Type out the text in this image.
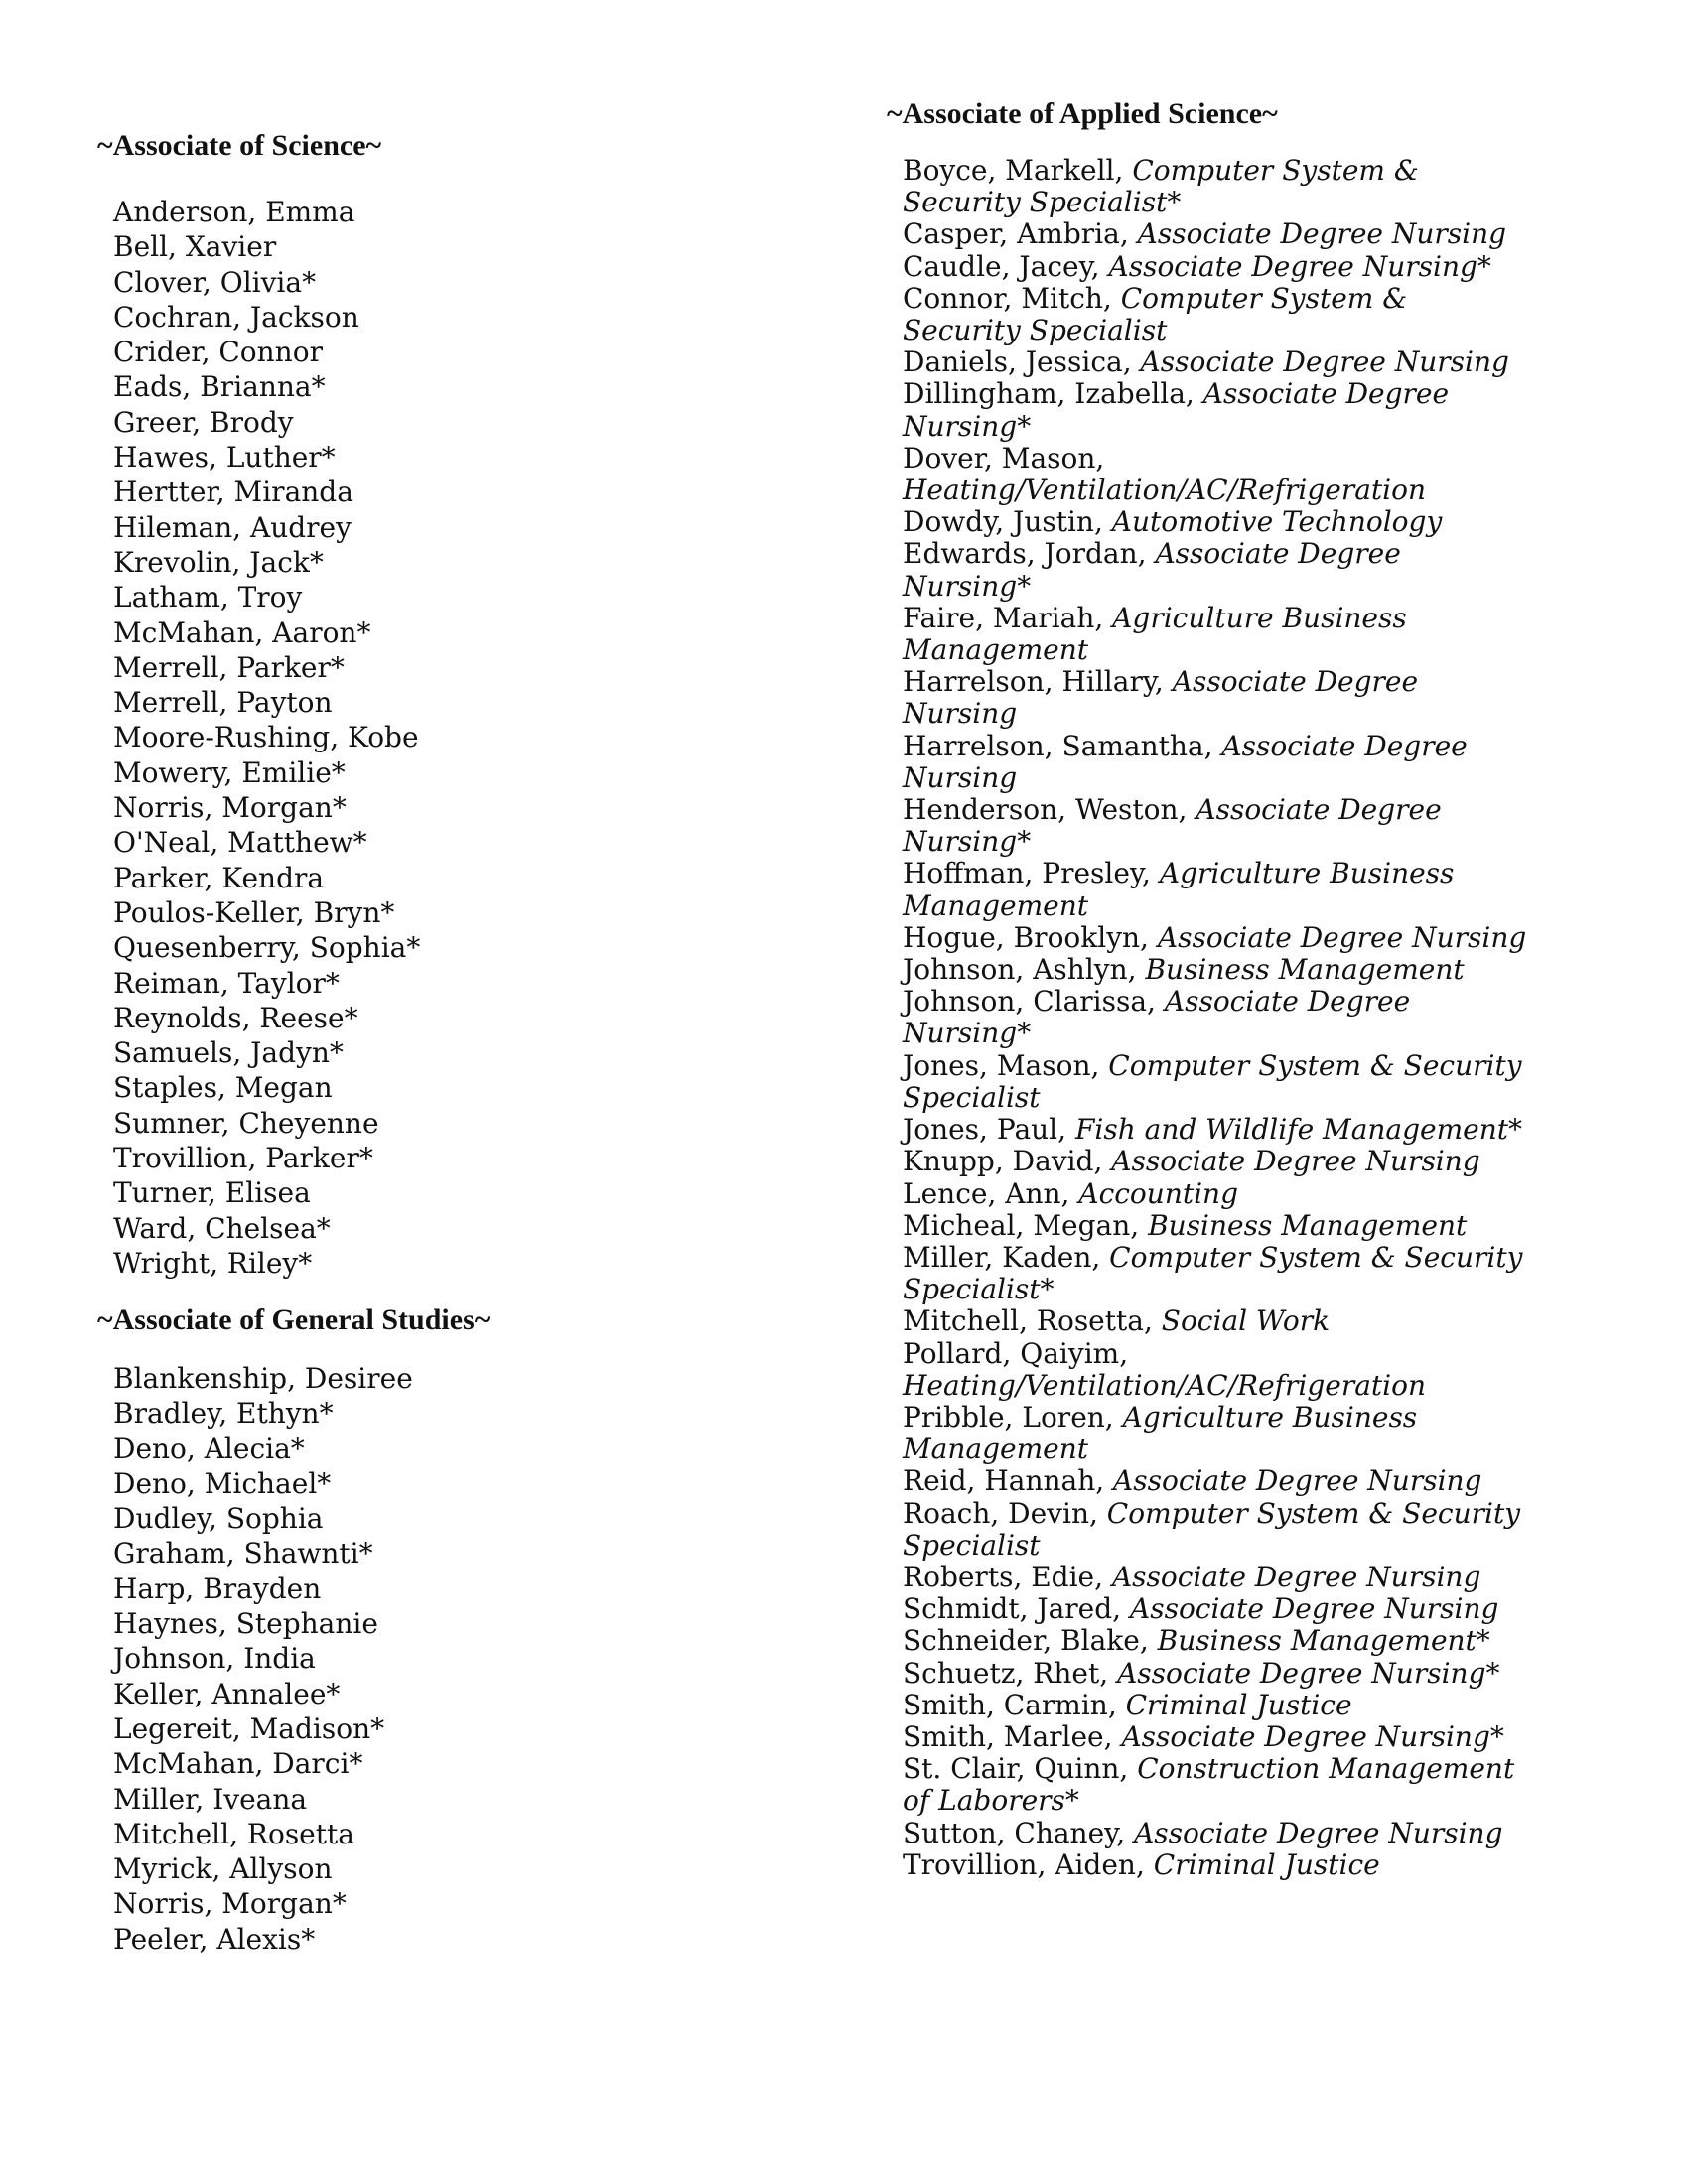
~Associate of Science~
Anderson, Emma
Bell, Xavier
Clover, Olivia*
Cochran, Jackson
Crider, Connor
Eads, Brianna*
Greer, Brody
Hawes, Luther*
Hertter, Miranda
Hileman, Audrey
Krevolin, Jack*
Latham, Troy
McMahan, Aaron*
Merrell, Parker*
Merrell, Payton
Moore-Rushing, Kobe
Mowery, Emilie*
Norris, Morgan*
O'Neal, Matthew*
Parker, Kendra
Poulos-Keller, Bryn*
Quesenberry, Sophia*
Reiman, Taylor*
Reynolds, Reese*
Samuels, Jadyn*
Staples, Megan
Sumner, Cheyenne
Trovillion, Parker*
Turner, Elisea
Ward, Chelsea*
Wright, Riley*
~Associate of General Studies~
Blankenship, Desiree
Bradley, Ethyn*
Deno, Alecia*
Deno, Michael*
Dudley, Sophia
Graham, Shawnti*
Harp, Brayden
Haynes, Stephanie
Johnson, India
Keller, Annalee*
Legereit, Madison*
McMahan, Darci*
Miller, Iveana
Mitchell, Rosetta
Myrick, Allyson
Norris, Morgan*
Peeler, Alexis*
~Associate of Applied Science~
Boyce, Markell, Computer System & Security Specialist*
Casper, Ambria, Associate Degree Nursing
Caudle, Jacey, Associate Degree Nursing*
Connor, Mitch, Computer System & Security Specialist
Daniels, Jessica, Associate Degree Nursing
Dillingham, Izabella, Associate Degree Nursing*
Dover, Mason, Heating/Ventilation/AC/Refrigeration
Dowdy, Justin, Automotive Technology
Edwards, Jordan, Associate Degree Nursing*
Faire, Mariah, Agriculture Business Management
Harrelson, Hillary, Associate Degree Nursing
Harrelson, Samantha, Associate Degree Nursing
Henderson, Weston, Associate Degree Nursing*
Hoffman, Presley, Agriculture Business Management
Hogue, Brooklyn, Associate Degree Nursing
Johnson, Ashlyn, Business Management
Johnson, Clarissa, Associate Degree Nursing*
Jones, Mason, Computer System & Security Specialist
Jones, Paul, Fish and Wildlife Management*
Knupp, David, Associate Degree Nursing
Lence, Ann, Accounting
Micheal, Megan, Business Management
Miller, Kaden, Computer System & Security Specialist*
Mitchell, Rosetta, Social Work
Pollard, Qaiyim, Heating/Ventilation/AC/Refrigeration
Pribble, Loren, Agriculture Business Management
Reid, Hannah, Associate Degree Nursing
Roach, Devin, Computer System & Security Specialist
Roberts, Edie, Associate Degree Nursing
Schmidt, Jared, Associate Degree Nursing
Schneider, Blake, Business Management*
Schuetz, Rhet, Associate Degree Nursing*
Smith, Carmin, Criminal Justice
Smith, Marlee, Associate Degree Nursing*
St. Clair, Quinn, Construction Management of Laborers*
Sutton, Chaney, Associate Degree Nursing
Trovillion, Aiden, Criminal Justice
